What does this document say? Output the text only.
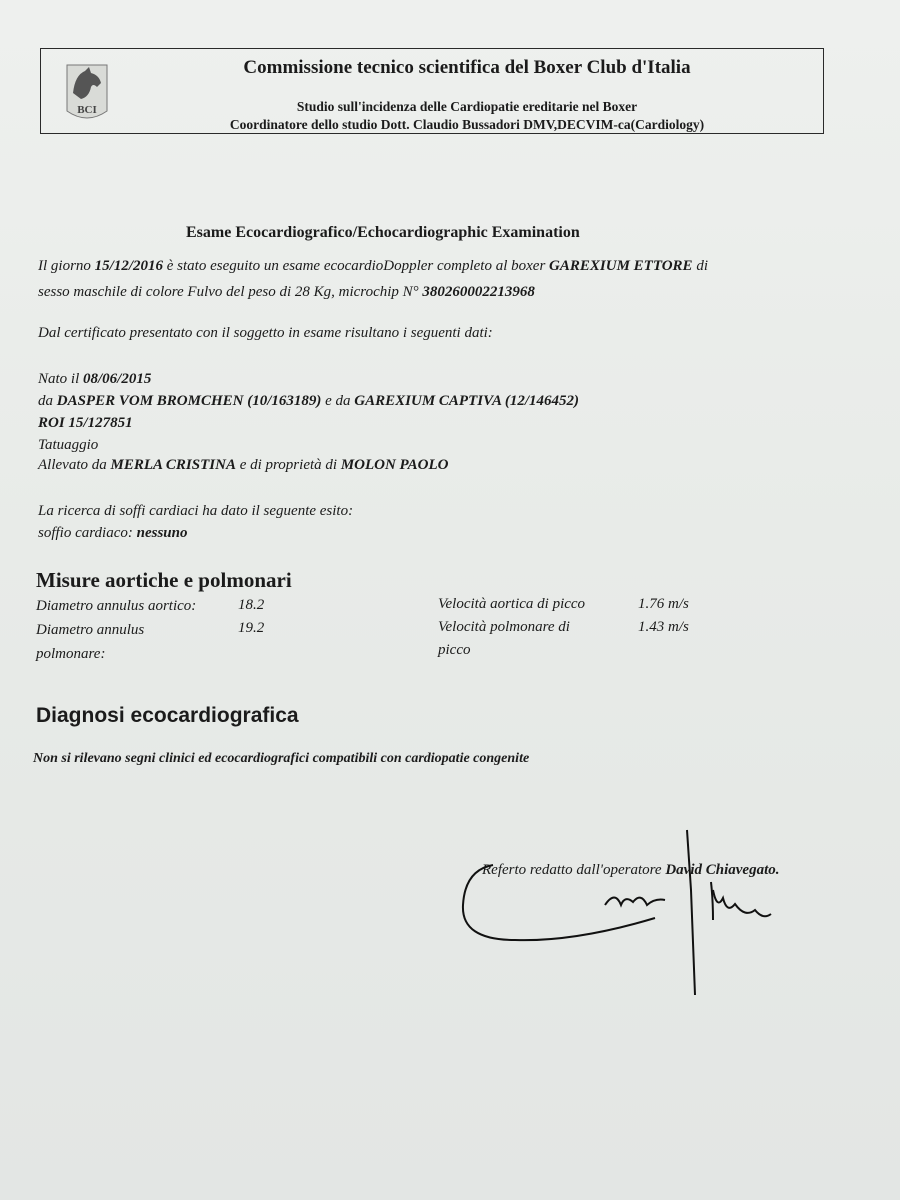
BCI
Commissione tecnico scientifica del Boxer Club d'Italia
Studio sull'incidenza delle Cardiopatie ereditarie nel Boxer
Coordinatore dello studio Dott. Claudio Bussadori DMV,DECVIM-ca(Cardiology)
Esame Ecocardiografico/Echocardiographic Examination
Il giorno 15/12/2016 è stato eseguito un esame ecocardioDoppler completo al boxer GAREXIUM ETTORE di
sesso maschile di colore Fulvo del peso di 28 Kg, microchip N° 380260002213968
Dal certificato presentato con il soggetto in esame risultano i seguenti dati:
Nato il 08/06/2015
da DASPER VOM BROMCHEN (10/163189) e da GAREXIUM CAPTIVA (12/146452)
ROI 15/127851
Tatuaggio
Allevato da MERLA CRISTINA e di proprietà di MOLON PAOLO
La ricerca di soffi cardiaci ha dato il seguente esito:
soffio cardiaco: nessuno
Misure aortiche e polmonari
Diametro annulus aortico:	18.2
Diametro annulus
polmonare:
19.2
Velocità aortica di picco	1.76 m/s
Velocità polmonare di
picco
1.43 m/s
Diagnosi ecocardiografica
Non si rilevano segni clinici ed ecocardiografici compatibili con cardiopatie congenite
Referto redatto dall'operatore David Chiavegato.
